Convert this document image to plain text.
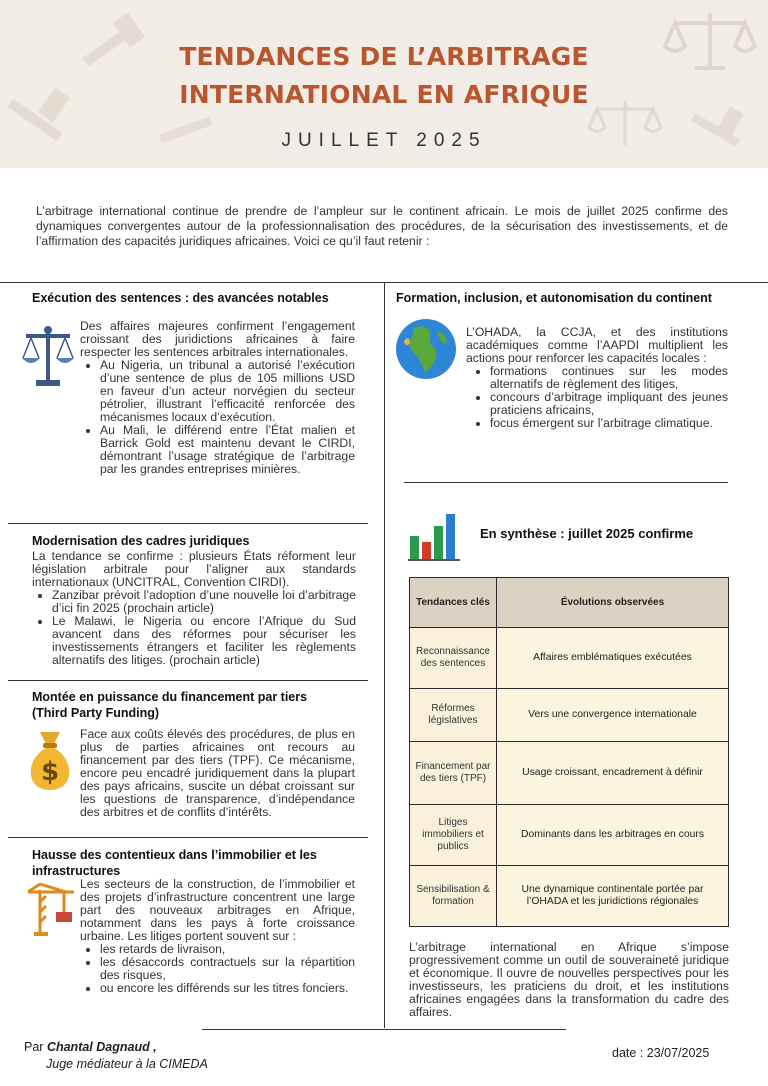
TENDANCES DE L’ARBITRAGE
INTERNATIONAL EN AFRIQUE
JUILLET 2025
L’arbitrage international continue de prendre de l’ampleur sur le continent africain. Le mois de juillet 2025 confirme des dynamiques convergentes autour de la professionnalisation des procédures, de la sécurisation des investissements, et de l’affirmation des capacités juridiques africaines. Voici ce qu’il faut retenir :
Exécution des sentences : des avancées notables
Des affaires majeures confirment l’engagement croissant des juridictions africaines à faire respecter les sentences arbitrales internationales.
• Au Nigeria, un tribunal a autorisé l’exécution d’une sentence de plus de 105 millions USD en faveur d’un acteur norvégien du secteur pétrolier, illustrant l’efficacité renforcée des mécanismes locaux d’exécution.
• Au Mali, le différend entre l’État malien et Barrick Gold est maintenu devant le CIRDI, démontrant l’usage stratégique de l’arbitrage par les grandes entreprises minières.
Modernisation des cadres juridiques
La tendance se confirme : plusieurs États réforment leur législation arbitrale pour l’aligner aux standards internationaux (UNCITRAL, Convention CIRDI).
• Zanzibar prévoit l’adoption d’une nouvelle loi d’arbitrage d’ici fin 2025 (prochain article)
• Le Malawi, le Nigeria ou encore l’Afrique du Sud avancent dans des réformes pour sécuriser les investissements étrangers et faciliter les règlements alternatifs des litiges. (prochain article)
Montée en puissance du financement par tiers
(Third Party Funding)
$
Face aux coûts élevés des procédures, de plus en plus de parties africaines ont recours au financement par des tiers (TPF). Ce mécanisme, encore peu encadré juridiquement dans la plupart des pays africains, suscite un débat croissant sur les questions de transparence, d’indépendance des arbitres et de conflits d’intérêts.
Hausse des contentieux dans l’immobilier et les
infrastructures
Les secteurs de la construction, de l’immobilier et des projets d’infrastructure concentrent une large part des nouveaux arbitrages en Afrique, notamment dans les pays à forte croissance urbaine. Les litiges portent souvent sur :
• les retards de livraison,
• les désaccords contractuels sur la répartition des risques,
• ou encore les différends sur les titres fonciers.
Formation, inclusion, et autonomisation du continent
L’OHADA, la CCJA, et des institutions académiques comme l’AAPDI multiplient les actions pour renforcer les capacités locales :
• formations continues sur les modes alternatifs de règlement des litiges,
• concours d’arbitrage impliquant des jeunes praticiens africains,
• focus émergent sur l’arbitrage climatique.
En synthèse : juillet 2025 confirme
Tendances clés	Évolutions observées
Reconnaissance des sentences	Affaires emblématiques exécutées
Réformes législatives	Vers une convergence internationale
Financement par des tiers (TPF)	Usage croissant, encadrement à définir
Litiges immobiliers et publics	Dominants dans les arbitrages en cours
Sensibilisation & formation	Une dynamique continentale portée par l’OHADA et les juridictions régionales
L’arbitrage international en Afrique s’impose progressivement comme un outil de souveraineté juridique et économique. Il ouvre de nouvelles perspectives pour les investisseurs, les praticiens du droit, et les institutions africaines engagées dans la transformation du cadre des affaires.
Par Chantal Dagnaud ,
Juge médiateur à la CIMEDA
date : 23/07/2025
